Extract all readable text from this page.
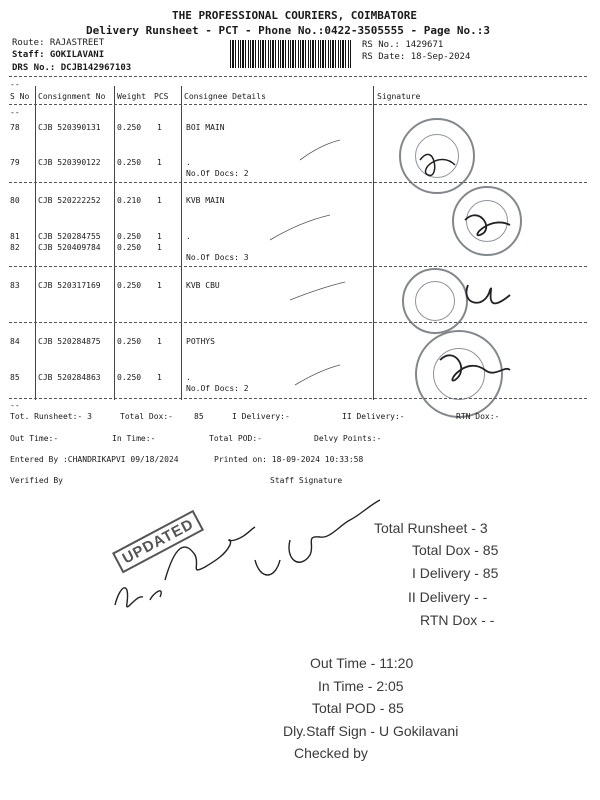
THE PROFESSIONAL COURIERS, COIMBATORE
Delivery Runsheet - PCT - Phone No.:0422-3505555 - Page No.:3
Route: RAJASTREET
Staff: GOKILAVANI
DRS No.: DCJB142967103
RS No.: 1429671
RS Date: 18-Sep-2024
--
S No Consignment No Weight PCS Consignee Details	Signature
--
78 CJB 520390131 0.250 1	BOI MAIN
79 CJB 520390122 0.250 1	.
No.Of Docs: 2
80 CJB 520222252 0.210 1	KVB MAIN
81 CJB 520284755 0.250 1	.
82 CJB 520409784 0.250 1
No.Of Docs: 3
83 CJB 520317169 0.250 1	KVB CBU
84 CJB 520284875 0.250 1	POTHYS
85 CJB 520284863 0.250 1	.
No.Of Docs: 2
--
Tot. Runsheet:- 3	Total Dox:-	85	I Delivery:-	II Delivery:-	RTN Dox:-
Out Time:-	In Time:-	Total POD:-	Delvy Points:-
Entered By :CHANDRIKAPVI 09/18/2024	Printed on: 18-09-2024 10:33:58
Verified By	Staff Signature
UPDATED	Total Runsheet - 3
Total Dox - 85
I Delivery - 85
II Delivery - -
RTN Dox - -
Out Time - 11:20
In Time - 2:05
Total POD - 85
Dly.Staff Sign - U Gokilavani
Checked by
